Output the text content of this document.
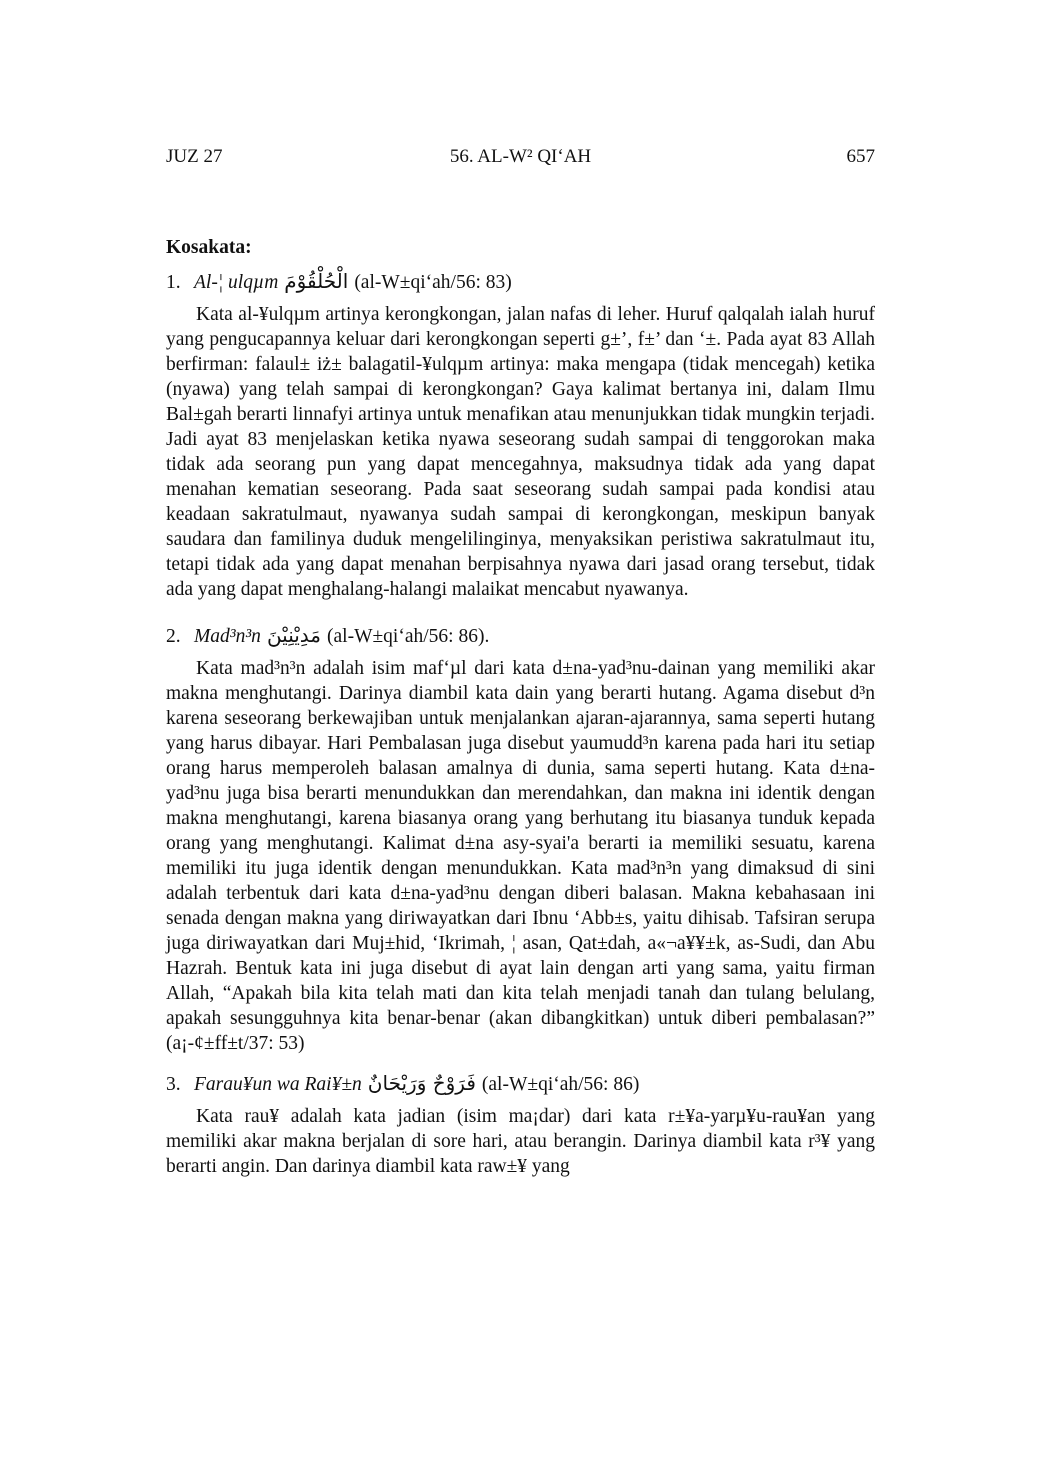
JUZ 27	56. AL-W² QI‘AH	657
Kosakata:
1. Al-¦ ulqµm الْحُلْقُوْمَ (al-W±qi‘ah/56: 83)

Kata al-¥ulqµm artinya kerongkongan, jalan nafas di leher. Huruf qalqalah ialah huruf yang pengucapannya keluar dari kerongkongan seperti g±’, f±’ dan ‘±. Pada ayat 83 Allah berfirman: falaul± iż± balagatil-¥ulqµm artinya: maka mengapa (tidak mencegah) ketika (nyawa) yang telah sampai di kerongkongan? Gaya kalimat bertanya ini, dalam Ilmu Bal±gah berarti linnafyi artinya untuk menafikan atau menunjukkan tidak mungkin terjadi. Jadi ayat 83 menjelaskan ketika nyawa seseorang sudah sampai di tenggorokan maka tidak ada seorang pun yang dapat mencegahnya, maksudnya tidak ada yang dapat menahan kematian seseorang. Pada saat seseorang sudah sampai pada kondisi atau keadaan sakratulmaut, nyawanya sudah sampai di kerongkongan, meskipun banyak saudara dan familinya duduk mengelilinginya, menyaksikan peristiwa sakratulmaut itu, tetapi tidak ada yang dapat menahan berpisahnya nyawa dari jasad orang tersebut, tidak ada yang dapat menghalang-halangi malaikat mencabut nyawanya.

2. Mad³n³n مَدِيْنِيْنَ (al-W±qi‘ah/56: 86).

Kata mad³n³n adalah isim maf‘µl dari kata d±na-yad³nu-dainan yang memiliki akar makna menghutangi. Darinya diambil kata dain yang berarti hutang. Agama disebut d³n karena seseorang berkewajiban untuk menjalankan ajaran-ajarannya, sama seperti hutang yang harus dibayar. Hari Pembalasan juga disebut yaumudd³n karena pada hari itu setiap orang harus memperoleh balasan amalnya di dunia, sama seperti hutang. Kata d±na-yad³nu juga bisa berarti menundukkan dan merendahkan, dan makna ini identik dengan makna menghutangi, karena biasanya orang yang berhutang itu biasanya tunduk kepada orang yang menghutangi. Kalimat d±na asy-syai'a berarti ia memiliki sesuatu, karena memiliki itu juga identik dengan menundukkan. Kata mad³n³n yang dimaksud di sini adalah terbentuk dari kata d±na-yad³nu dengan diberi balasan. Makna kebahasaan ini senada dengan makna yang diriwayatkan dari Ibnu ‘Abb±s, yaitu dihisab. Tafsiran serupa juga diriwayatkan dari Muj±hid, ‘Ikrimah, ¦ asan, Qat±dah, a«¬a¥¥±k, as-Sudi, dan Abu Hazrah. Bentuk kata ini juga disebut di ayat lain dengan arti yang sama, yaitu firman Allah, “Apakah bila kita telah mati dan kita telah menjadi tanah dan tulang belulang, apakah sesungguhnya kita benar-benar (akan dibangkitkan) untuk diberi pembalasan?” (a¡-¢±ff±t/37: 53)

3. Farau¥un wa Rai¥±n فَرَوْحٌ وَرَيْحَانٌ (al-W±qi‘ah/56: 86)

Kata rau¥ adalah kata jadian (isim ma¡dar) dari kata r±¥a-yarµ¥u-rau¥an yang memiliki akar makna berjalan di sore hari, atau berangin. Darinya diambil kata r³¥ yang berarti angin. Dan darinya diambil kata raw±¥ yang
